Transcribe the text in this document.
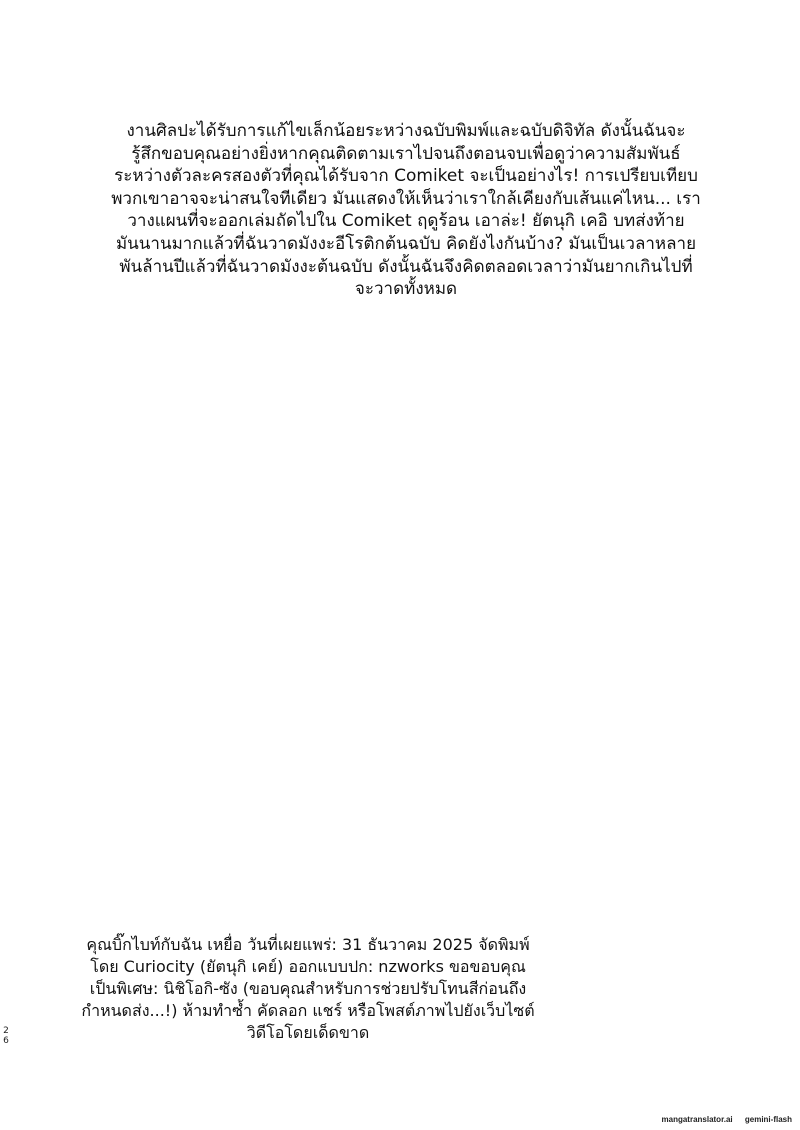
งานศิลปะได้รับการแก้ไขเล็กน้อยระหว่างฉบับพิมพ์และฉบับดิจิทัล ดังนั้นฉันจะ
รู้สึกขอบคุณอย่างยิ่งหากคุณติดตามเราไปจนถึงตอนจบเพื่อดูว่าความสัมพันธ์
ระหว่างตัวละครสองตัวที่คุณได้รับจาก Comiket จะเป็นอย่างไร! การเปรียบเทียบ
พวกเขาอาจจะน่าสนใจทีเดียว มันแสดงให้เห็นว่าเราใกล้เคียงกับเส้นแค่ไหน... เรา
วางแผนที่จะออกเล่มถัดไปใน Comiket ฤดูร้อน เอาล่ะ! ยัตนุกิ เคอิ บทส่งท้าย
มันนานมากแล้วที่ฉันวาดมังงะอีโรติกต้นฉบับ คิดยังไงกันบ้าง? มันเป็นเวลาหลาย
พันล้านปีแล้วที่ฉันวาดมังงะต้นฉบับ ดังนั้นฉันจึงคิดตลอดเวลาว่ามันยากเกินไปที่
จะวาดทั้งหมด
คุณบิ๊กไบท์กับฉัน เหยื่อ วันที่เผยแพร่: 31 ธันวาคม 2025 จัดพิมพ์
โดย Curiocity (ยัตนุกิ เคย์) ออกแบบปก: nzworks ขอขอบคุณ
เป็นพิเศษ: นิชิโอกิ-ซัง (ขอบคุณสำหรับการช่วยปรับโทนสีก่อนถึง
กำหนดส่ง...!) ห้ามทำซ้ำ คัดลอก แชร์ หรือโพสต์ภาพไปยังเว็บไซต์
วิดีโอโดยเด็ดขาด
2
6
mangatranslator.ai gemini-flash
